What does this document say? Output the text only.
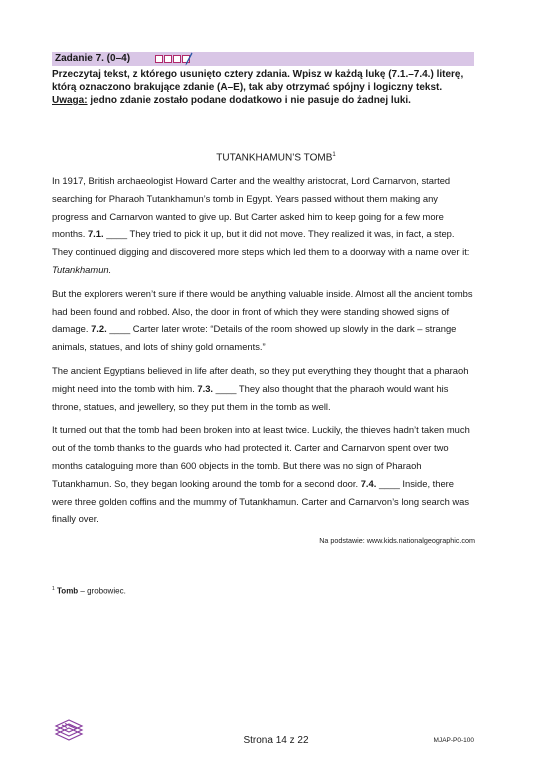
Zadanie 7. (0–4)
Przeczytaj tekst, z którego usunięto cztery zdania. Wpisz w każdą lukę (7.1.–7.4.) literę, którą oznaczono brakujące zdanie (A–E), tak aby otrzymać spójny i logiczny tekst.
Uwaga: jedno zdanie zostało podane dodatkowo i nie pasuje do żadnej luki.
TUTANKHAMUN’S TOMB$^1$

In 1917, British archaeologist Howard Carter and the wealthy aristocrat, Lord Carnarvon, started searching for Pharaoh Tutankhamun’s tomb in Egypt. Years passed without them making any progress and Carnarvon wanted to give up. But Carter asked him to keep going for a few more months. 7.1. ____ They tried to pick it up, but it did not move. They realized it was, in fact, a step. They continued digging and discovered more steps which led them to a doorway with a name over it: Tutankhamun.

But the explorers weren’t sure if there would be anything valuable inside. Almost all the ancient tombs had been found and robbed. Also, the door in front of which they were standing showed signs of damage. 7.2. ____ Carter later wrote: “Details of the room showed up slowly in the dark – strange animals, statues, and lots of shiny gold ornaments.”

The ancient Egyptians believed in life after death, so they put everything they thought that a pharaoh might need into the tomb with him. 7.3. ____ They also thought that the pharaoh would want his throne, statues, and jewellery, so they put them in the tomb as well.

It turned out that the tomb had been broken into at least twice. Luckily, the thieves hadn’t taken much out of the tomb thanks to the guards who had protected it. Carter and Carnarvon spent over two months cataloguing more than 600 objects in the tomb. But there was no sign of Pharaoh Tutankhamun. So, they began looking around the tomb for a second door. 7.4. ____ Inside, there were three golden coffins and the mummy of Tutankhamun. Carter and Carnarvon’s long search was finally over.

Na podstawie: www.kids.nationalgeographic.com
$^1$ Tomb – grobowiec.
Strona 14 z 22	MJAP-P0-100
